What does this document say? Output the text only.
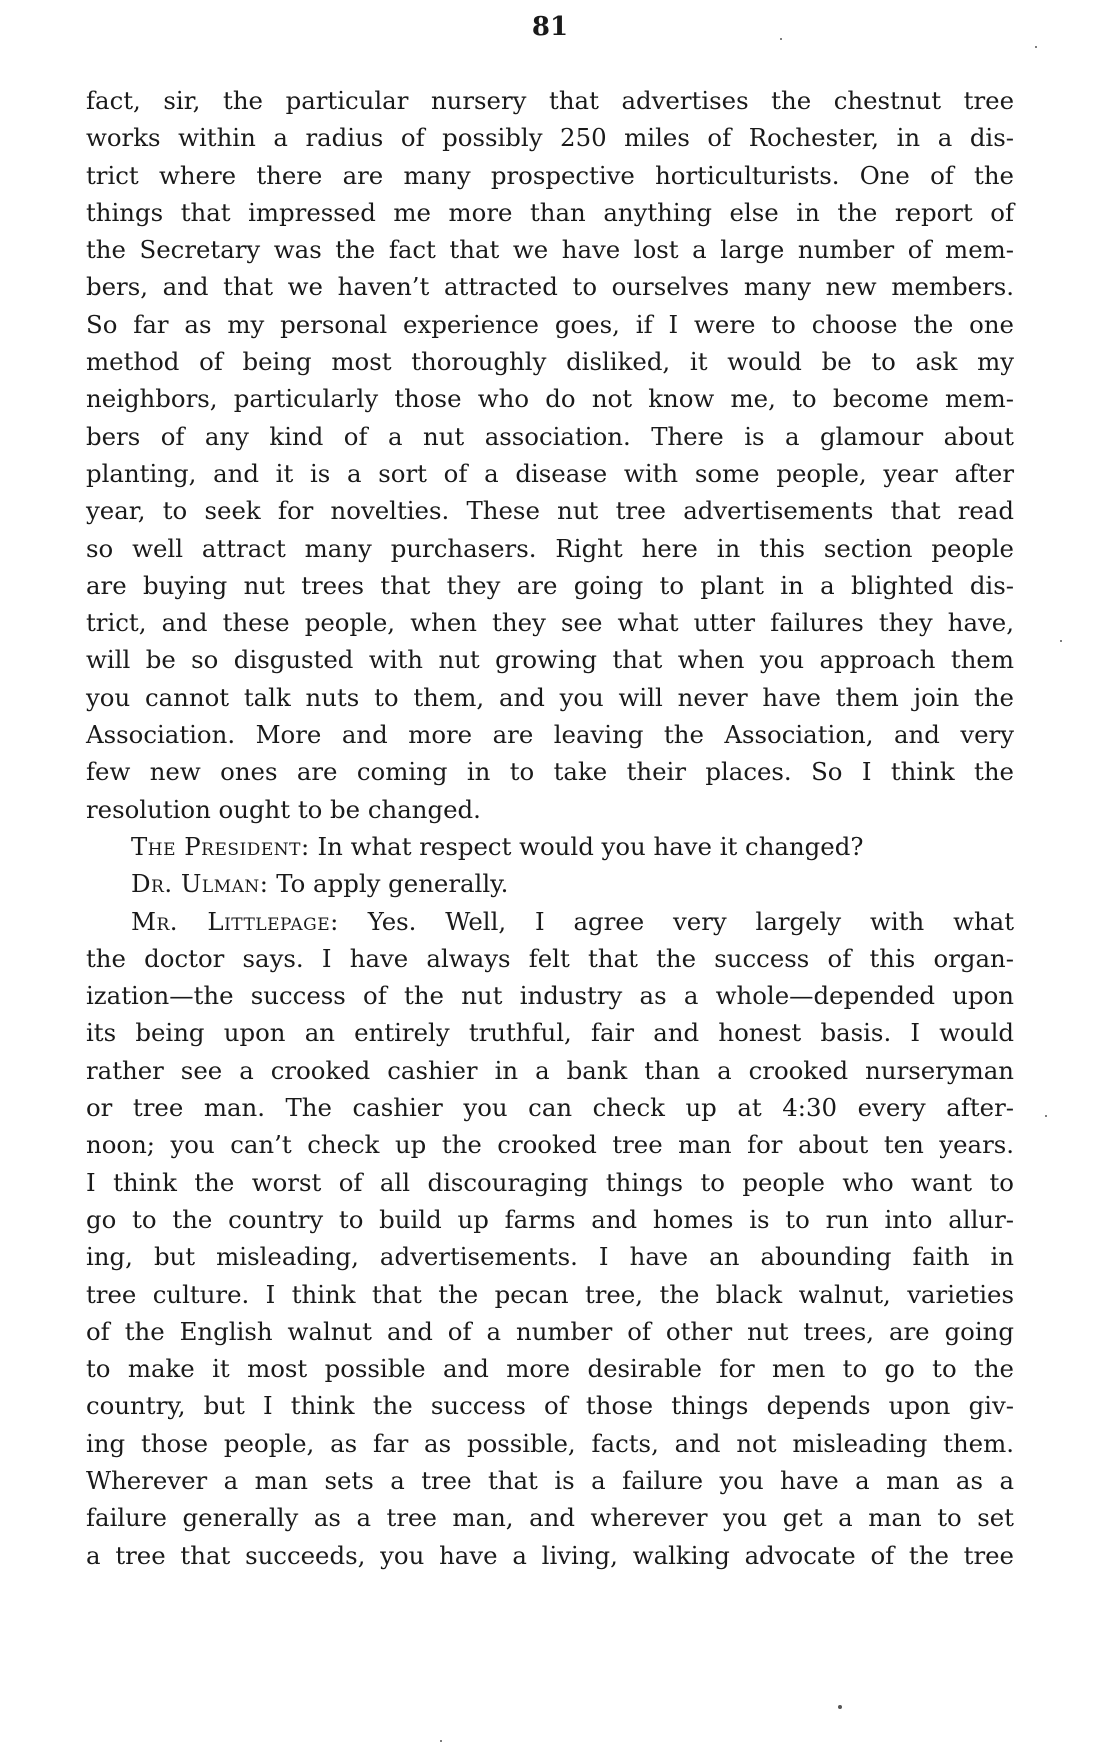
81
fact, sir, the particular nursery that advertises the chestnut tree
works within a radius of possibly 250 miles of Rochester, in a dis-
trict where there are many prospective horticulturists. One of the
things that impressed me more than anything else in the report of
the Secretary was the fact that we have lost a large number of mem-
bers, and that we haven’t attracted to ourselves many new members.
So far as my personal experience goes, if I were to choose the one
method of being most thoroughly disliked, it would be to ask my
neighbors, particularly those who do not know me, to become mem-
bers of any kind of a nut association. There is a glamour about
planting, and it is a sort of a disease with some people, year after
year, to seek for novelties. These nut tree advertisements that read
so well attract many purchasers. Right here in this section people
are buying nut trees that they are going to plant in a blighted dis-
trict, and these people, when they see what utter failures they have,
will be so disgusted with nut growing that when you approach them
you cannot talk nuts to them, and you will never have them join the
Association. More and more are leaving the Association, and very
few new ones are coming in to take their places. So I think the
resolution ought to be changed.
The President: In what respect would you have it changed?
Dr. Ulman: To apply generally.
Mr. Littlepage: Yes. Well, I agree very largely with what
the doctor says. I have always felt that the success of this organ-
ization—the success of the nut industry as a whole—depended upon
its being upon an entirely truthful, fair and honest basis. I would
rather see a crooked cashier in a bank than a crooked nurseryman
or tree man. The cashier you can check up at 4:30 every after-
noon; you can’t check up the crooked tree man for about ten years.
I think the worst of all discouraging things to people who want to
go to the country to build up farms and homes is to run into allur-
ing, but misleading, advertisements. I have an abounding faith in
tree culture. I think that the pecan tree, the black walnut, varieties
of the English walnut and of a number of other nut trees, are going
to make it most possible and more desirable for men to go to the
country, but I think the success of those things depends upon giv-
ing those people, as far as possible, facts, and not misleading them.
Wherever a man sets a tree that is a failure you have a man as a
failure generally as a tree man, and wherever you get a man to set
a tree that succeeds, you have a living, walking advocate of the tree
